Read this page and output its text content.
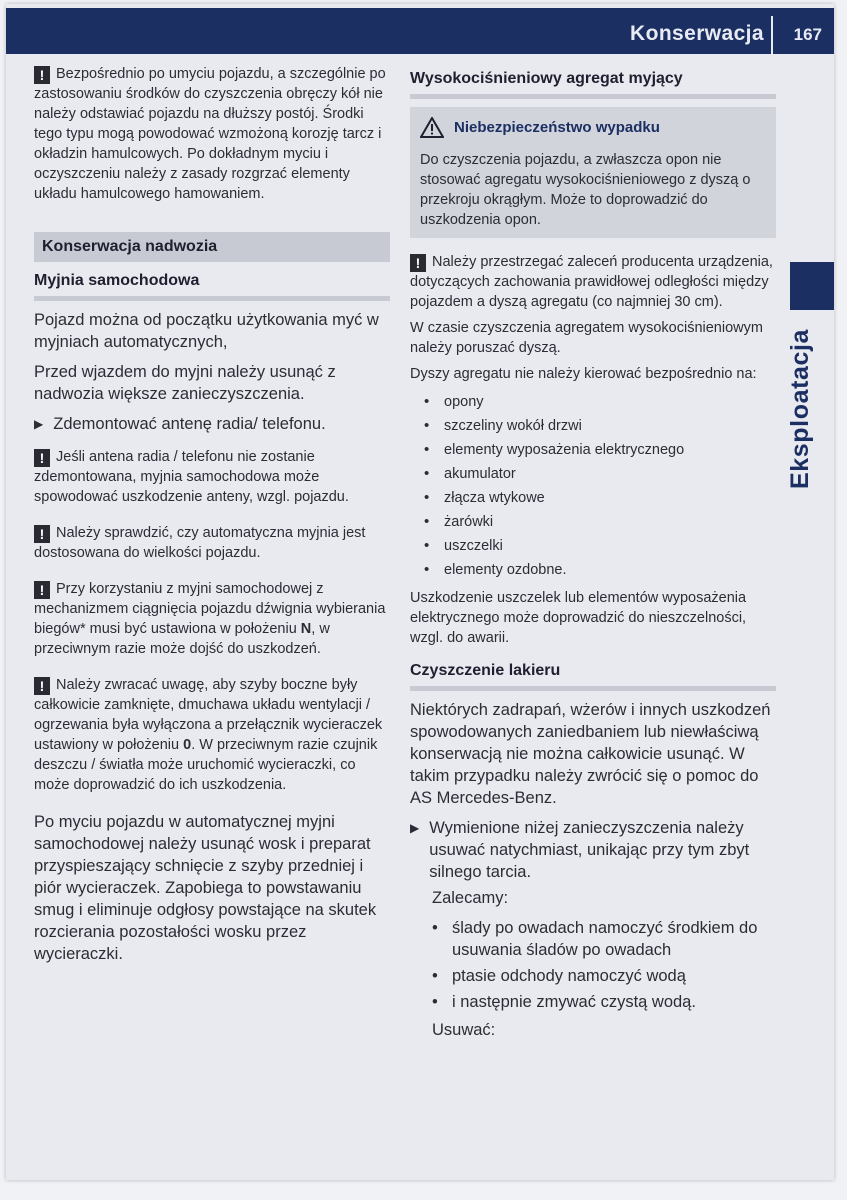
Konserwacja 167
Eksploatacja
! Bezpośrednio po umyciu pojazdu, a szczególnie po zastosowaniu środków do czyszczenia obręczy kół nie należy odstawiać pojazdu na dłuższy postój. Środki tego typu mogą powodować wzmożoną korozję tarcz i okładzin hamulcowych. Po dokładnym myciu i oczyszczeniu należy z zasady rozgrzać elementy układu hamulcowego hamowaniem.
Konserwacja nadwozia
Myjnia samochodowa

Pojazd można od początku użytkowania myć w myjniach automatycznych,

Przed wjazdem do myjni należy usunąć z nadwozia większe zanieczyszczenia.

▶ Zdemontować antenę radia/ telefonu.
! Jeśli antena radia / telefonu nie zostanie zdemontowana, myjnia samochodowa może spowodować uszkodzenie anteny, wzgl. pojazdu.
! Należy sprawdzić, czy automatyczna myjnia jest dostosowana do wielkości pojazdu.
! Przy korzystaniu z myjni samochodowej z mechanizmem ciągnięcia pojazdu dźwignia wybierania biegów* musi być ustawiona w położeniu N, w przeciwnym razie może dojść do uszkodzeń.
! Należy zwracać uwagę, aby szyby boczne były całkowicie zamknięte, dmuchawa układu wentylacji / ogrzewania była wyłączona a przełącznik wycieraczek ustawiony w położeniu 0. W przeciwnym razie czujnik deszczu / światła może uruchomić wycieraczki, co może doprowadzić do ich uszkodzenia.

Po myciu pojazdu w automatycznej myjni samochodowej należy usunąć wosk i preparat przyspieszający schnięcie z szyby przedniej i piór wycieraczek. Zapobiega to powstawaniu smug i eliminuje odgłosy powstające na skutek rozcierania pozostałości wosku przez wycieraczki.

Wysokociśnieniowy agregat myjący
Niebezpieczeństwo wypadku
Do czyszczenia pojazdu, a zwłaszcza opon nie stosować agregatu wysokociśnieniowego z dyszą o przekroju okrągłym. Może to doprowadzić do uszkodzenia opon.
! Należy przestrzegać zaleceń producenta urządzenia, dotyczących zachowania prawidłowej odległości między pojazdem a dyszą agregatu (co najmniej 30 cm).

W czasie czyszczenia agregatem wysokociśnieniowym należy poruszać dyszą.

Dyszy agregatu nie należy kierować bezpośrednio na:

• opony
• szczeliny wokół drzwi
• elementy wyposażenia elektrycznego
• akumulator
• złącza wtykowe
• żarówki
• uszczelki
• elementy ozdobne.

Uszkodzenie uszczelek lub elementów wyposażenia elektrycznego może doprowadzić do nieszczelności, wzgl. do awarii.

Czyszczenie lakieru

Niektórych zadrapań, wżerów i innych uszkodzeń spowodowanych zaniedbaniem lub niewłaściwą konserwacją nie można całkowicie usunąć. W takim przypadku należy zwrócić się o pomoc do AS Mercedes-Benz.

▶ Wymienione niżej zanieczyszczenia należy usuwać natychmiast, unikając przy tym zbyt silnego tarcia.

Zalecamy:

• ślady po owadach namoczyć środkiem do usuwania śladów po owadach
• ptasie odchody namoczyć wodą
• i następnie zmywać czystą wodą.

Usuwać:
